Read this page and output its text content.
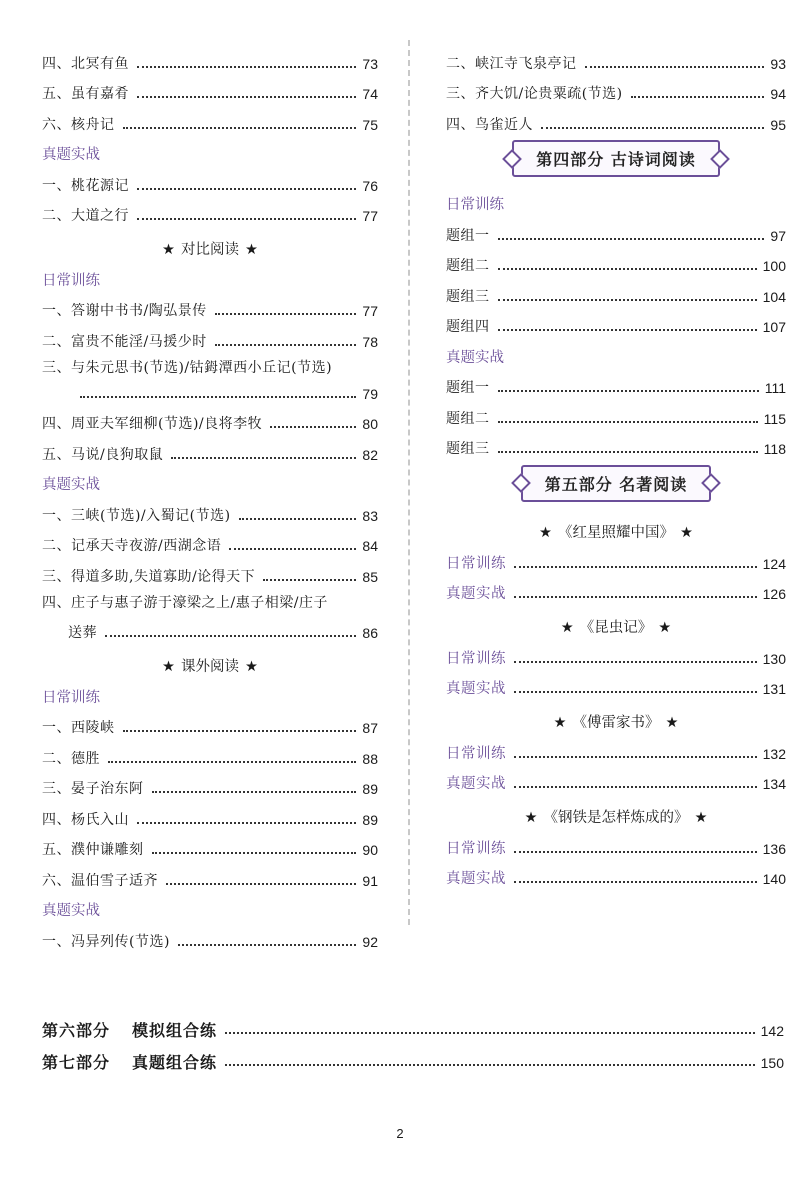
四、北冥有鱼	73
五、虽有嘉肴	74
六、核舟记	75
真题实战
一、桃花源记	76
二、大道之行	77
★ 对比阅读 ★
日常训练
一、答谢中书书/陶弘景传	77
二、富贵不能淫/马援少时	78
三、与朱元思书(节选)/钴鉧潭西小丘记(节选)
79
四、周亚夫军细柳(节选)/良将李牧	80
五、马说/良狗取鼠	82
真题实战
一、三峡(节选)/入蜀记(节选)	83
二、记承天寺夜游/西湖念语	84
三、得道多助,失道寡助/论得天下	85
四、庄子与惠子游于濠梁之上/惠子相梁/庄子
送葬	86
★ 课外阅读 ★
日常训练
一、西陵峡	87
二、德胜	88
三、晏子治东阿	89
四、杨氏入山	89
五、濮仲谦雕刻	90
六、温伯雪子适齐	91
真题实战
一、冯异列传(节选)	92
二、峡江寺飞泉亭记	93
三、齐大饥/论贵粟疏(节选)	94
四、鸟雀近人	95
第四部分 古诗词阅读
日常训练
题组一	97
题组二	100
题组三	104
题组四	107
真题实战
题组一	111
题组二	115
题组三	118
第五部分 名著阅读
★ 《红星照耀中国》 ★
日常训练	124
真题实战	126
★ 《昆虫记》 ★
日常训练	130
真题实战	131
★ 《傅雷家书》 ★
日常训练	132
真题实战	134
★ 《钢铁是怎样炼成的》 ★
日常训练	136
真题实战	140
第六部分 模拟组合练	142
第七部分 真题组合练	150
2
